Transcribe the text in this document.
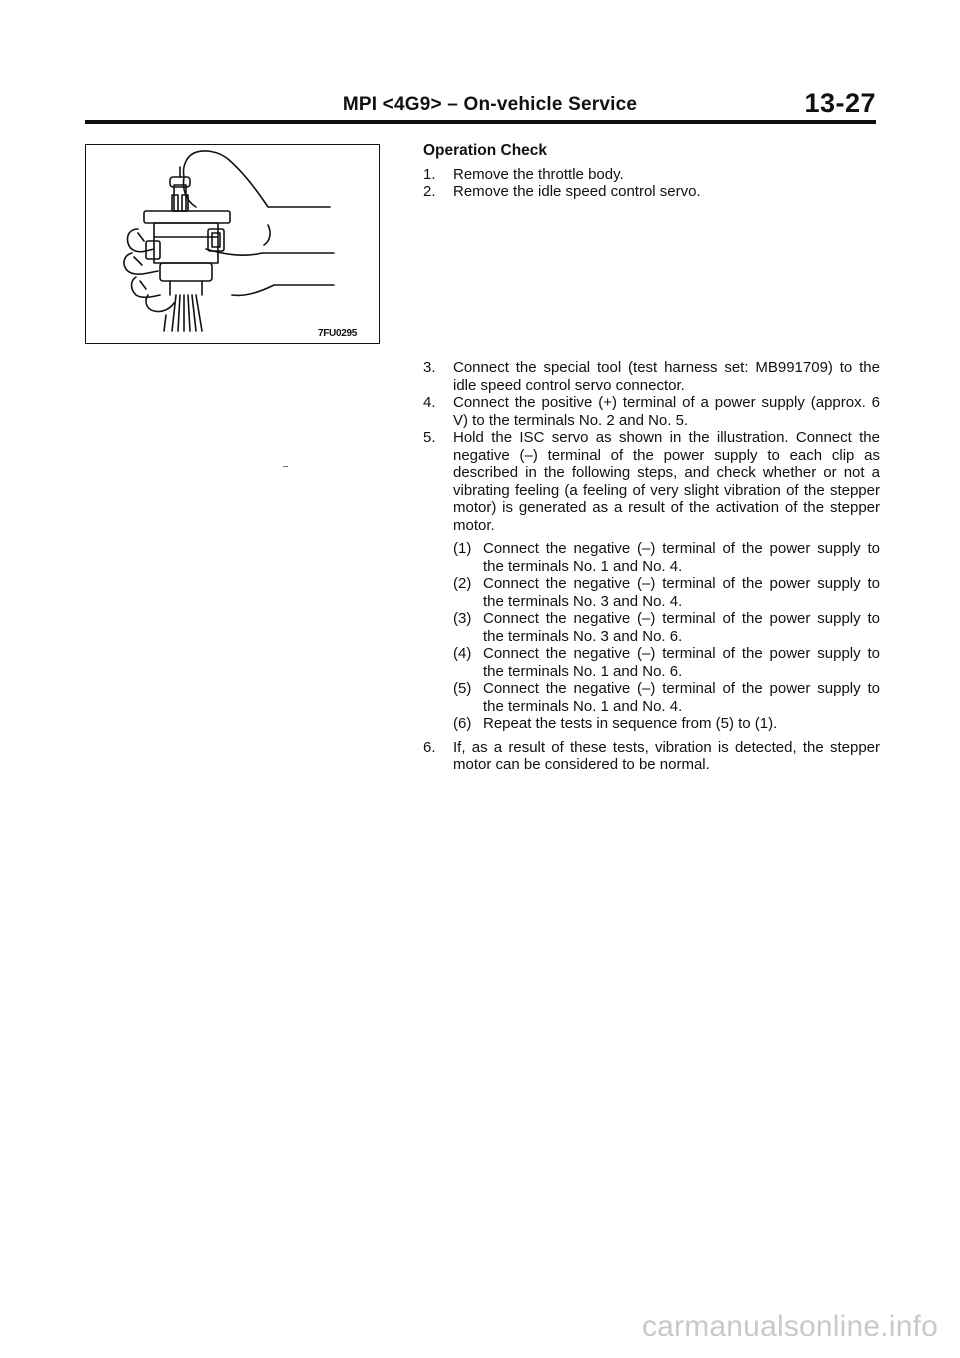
MPI <4G9> – On-vehicle Service	13-27
7FU0295
Operation Check
1.	Remove the throttle body.
2.	Remove the idle speed control servo.
3.	Connect the special tool (test harness set: MB991709) to the idle speed control servo connector.
4.	Connect the positive (+) terminal of a power supply (approx. 6 V) to the terminals No. 2 and No. 5.
5.	Hold the ISC servo as shown in the illustration. Connect the negative (–) terminal of the power supply to each clip as described in the following steps, and check whether or not a vibrating feeling (a feeling of very slight vibration of the stepper motor) is generated as a result of the activation of the stepper motor.
(1) Connect the negative (–) terminal of the power supply to the terminals No. 1 and No. 4.
(2) Connect the negative (–) terminal of the power supply to the terminals No. 3 and No. 4.
(3) Connect the negative (–) terminal of the power supply to the terminals No. 3 and No. 6.
(4) Connect the negative (–) terminal of the power supply to the terminals No. 1 and No. 6.
(5) Connect the negative (–) terminal of the power supply to the terminals No. 1 and No. 4.
(6) Repeat the tests in sequence from (5) to (1).
6.	If, as a result of these tests, vibration is detected, the stepper motor can be considered to be normal.
carmanualsonline.info
